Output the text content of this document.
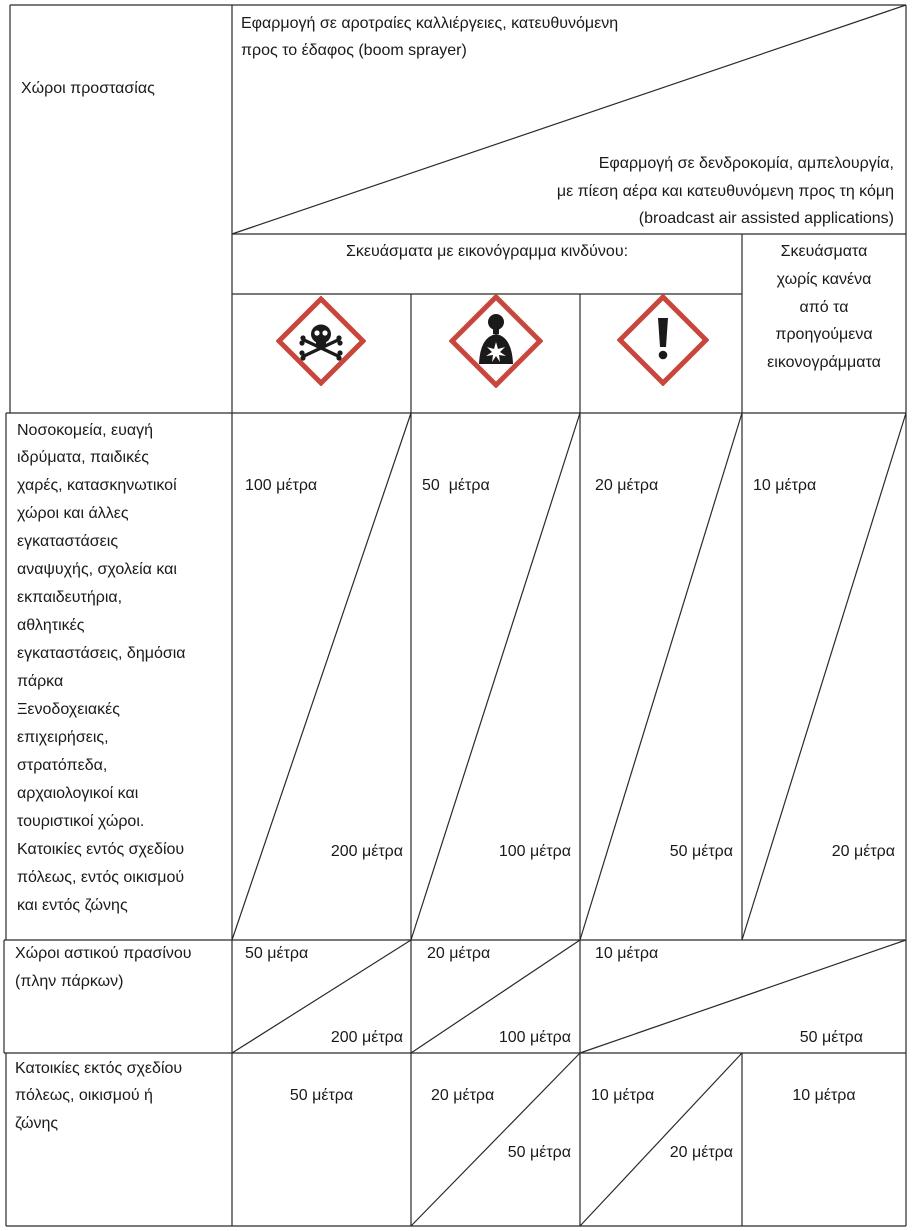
Χώροι προστασίας
Εφαρμογή σε αροτραίες καλλιέργειες, κατευθυνόμενη
προς το έδαφος (boom sprayer)
Εφαρμογή σε δενδροκομία, αμπελουργία,
με πίεση αέρα και κατευθυνόμενη προς τη κόμη
(broadcast air assisted applications)
Σκευάσματα με εικονόγραμμα κινδύνου:	Σκευάσματα
χωρίς κανένα
από τα
προηγούμενα
εικονογράμματα
Νοσοκομεία, ευαγή
ιδρύματα, παιδικές
χαρές, κατασκηνωτικοί
χώροι και άλλες
εγκαταστάσεις
αναψυχής, σχολεία και
εκπαιδευτήρια,
αθλητικές
εγκαταστάσεις, δημόσια
πάρκα
Ξενοδοχειακές
επιχειρήσεις,
στρατόπεδα,
αρχαιολογικοί και
τουριστικοί χώροι.
Κατοικίες εντός σχεδίου
πόλεως, εντός οικισμού
και εντός ζώνης
100 μέτρα
200 μέτρα
50  μέτρα
100 μέτρα
20 μέτρα
50 μέτρα
10 μέτρα
20 μέτρα
Χώροι αστικού πρασίνου
(πλην πάρκων)
50 μέτρα
200 μέτρα
20 μέτρα
100 μέτρα
10 μέτρα
50 μέτρα
Κατοικίες εκτός σχεδίου
πόλεως, οικισμού ή
ζώνης
50 μέτρα	20 μέτρα
50 μέτρα
10 μέτρα
20 μέτρα
10 μέτρα
